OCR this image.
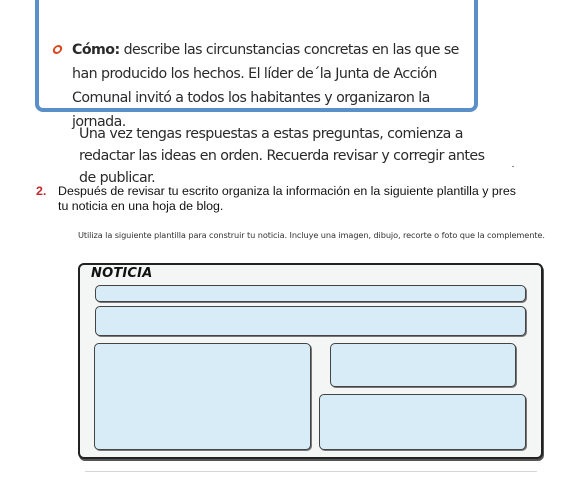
Cómo: describe las circunstancias concretas en las que se han producido los hechos. El líder de´la Junta de Acción Comunal invitó a todos los habitantes y organizaron la jornada.
Una vez tengas respuestas a estas preguntas, comienza a redactar las ideas en orden. Recuerda revisar y corregir antes de publicar.
2. Después de revisar tu escrito organiza la información en la siguiente plantilla y pres
tu noticia en una hoja de blog.
Utiliza la siguiente plantilla para construir tu noticia. Incluye una imagen, dibujo, recorte o foto que la complemente.
NOTICIA
